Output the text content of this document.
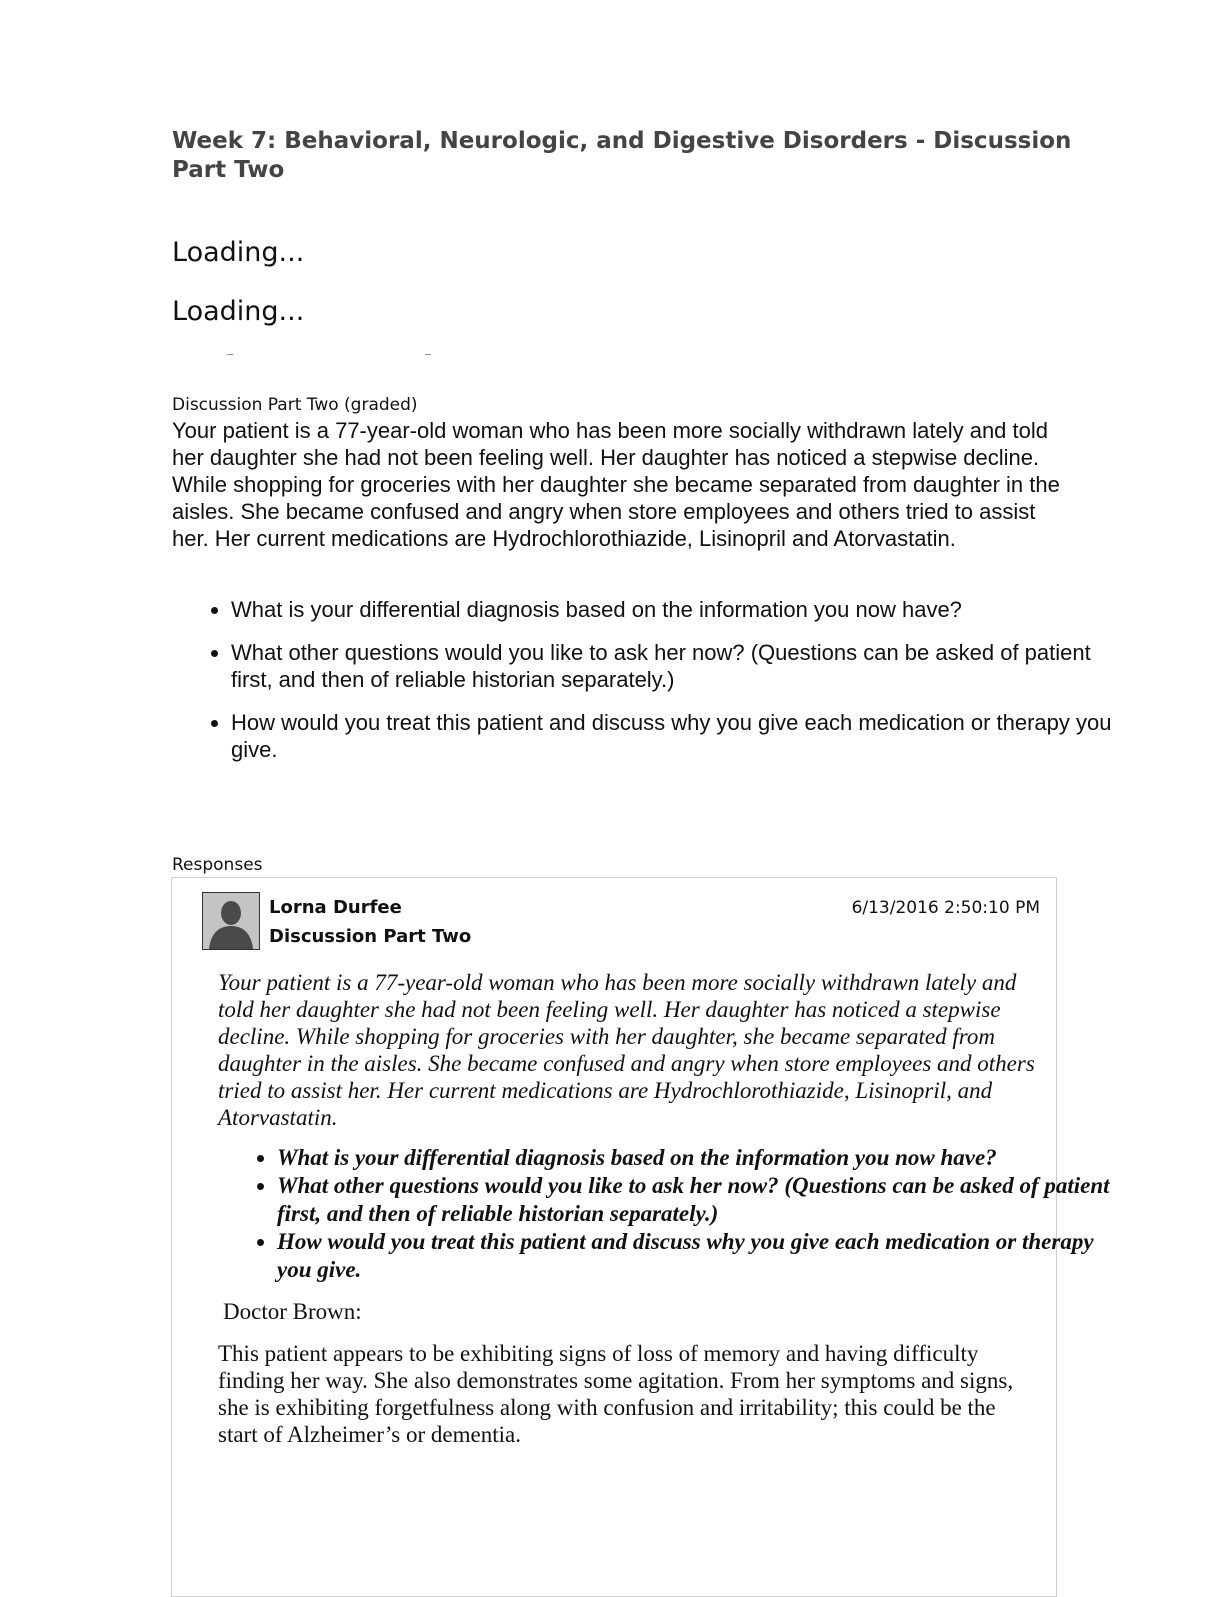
Week 7: Behavioral, Neurologic, and Digestive Disorders - Discussion Part Two
Loading...
Loading...
Discussion Part Two (graded)

Your patient is a 77-year-old woman who has been more socially withdrawn lately and told her daughter she had not been feeling well. Her daughter has noticed a stepwise decline. While shopping for groceries with her daughter she became separated from daughter in the aisles. She became confused and angry when store employees and others tried to assist her. Her current medications are Hydrochlorothiazide, Lisinopril and Atorvastatin.

• What is your differential diagnosis based on the information you now have?
• What other questions would you like to ask her now? (Questions can be asked of patient first, and then of reliable historian separately.)
• How would you treat this patient and discuss why you give each medication or therapy you give.
Responses
Lorna Durfee
Discussion Part Two
6/13/2016 2:50:10 PM

Your patient is a 77-year-old woman who has been more socially withdrawn lately and told her daughter she had not been feeling well. Her daughter has noticed a stepwise decline. While shopping for groceries with her daughter, she became separated from daughter in the aisles. She became confused and angry when store employees and others tried to assist her. Her current medications are Hydrochlorothiazide, Lisinopril, and Atorvastatin.

• What is your differential diagnosis based on the information you now have?
• What other questions would you like to ask her now? (Questions can be asked of patient first, and then of reliable historian separately.)
• How would you treat this patient and discuss why you give each medication or therapy you give.

Doctor Brown:

This patient appears to be exhibiting signs of loss of memory and having difficulty finding her way. She also demonstrates some agitation. From her symptoms and signs, she is exhibiting forgetfulness along with confusion and irritability; this could be the start of Alzheimer’s or dementia.
